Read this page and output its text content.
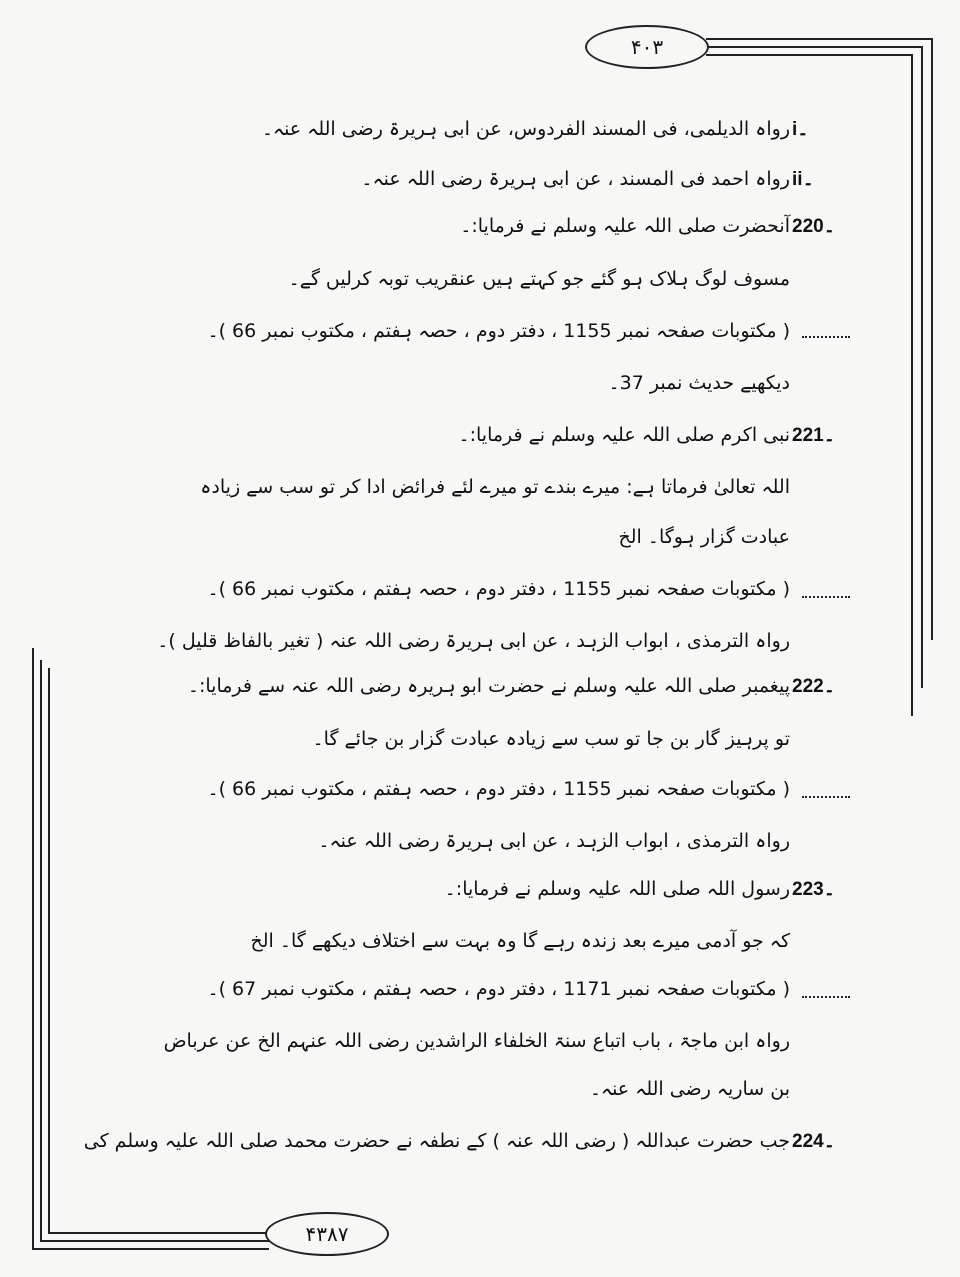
۴۰۳
۴۳۸۷
i۔
رواہ الدیلمی، فی المسند الفردوس، عن ابی ہریرۃ رضی اللہ عنہ۔
ii۔
رواہ احمد فی المسند ، عن ابی ہریرۃ رضی اللہ عنہ۔
220۔
آنحضرت صلی اللہ علیہ وسلم نے فرمایا:۔
مسوف لوگ ہلاک ہو گئے جو کہتے ہیں عنقریب توبہ کرلیں گے۔
( مکتوبات صفحہ نمبر 1155 ، دفتر دوم ، حصہ ہفتم ، مکتوب نمبر 66 )۔
دیکھیے حدیث نمبر 37۔
221۔
نبی اکرم صلی اللہ علیہ وسلم نے فرمایا:۔
اللہ تعالیٰ فرماتا ہے: میرے بندے تو میرے لئے فرائض ادا کر تو سب سے زیادہ
عبادت گزار ہوگا۔ الخ
( مکتوبات صفحہ نمبر 1155 ، دفتر دوم ، حصہ ہفتم ، مکتوب نمبر 66 )۔
رواہ الترمذی ، ابواب الزہد ، عن ابی ہریرۃ رضی اللہ عنہ ( تغیر بالفاظ قلیل )۔
222۔
پیغمبر صلی اللہ علیہ وسلم نے حضرت ابو ہریرہ رضی اللہ عنہ سے فرمایا:۔
تو پرہیز گار بن جا تو سب سے زیادہ عبادت گزار بن جائے گا۔
( مکتوبات صفحہ نمبر 1155 ، دفتر دوم ، حصہ ہفتم ، مکتوب نمبر 66 )۔
رواہ الترمذی ، ابواب الزہد ، عن ابی ہریرۃ رضی اللہ عنہ۔
223۔
رسول اللہ صلی اللہ علیہ وسلم نے فرمایا:۔
کہ جو آدمی میرے بعد زندہ رہے گا وہ بہت سے اختلاف دیکھے گا۔ الخ
( مکتوبات صفحہ نمبر 1171 ، دفتر دوم ، حصہ ہفتم ، مکتوب نمبر 67 )۔
رواہ ابن ماجۃ ، باب اتباع سنۃ الخلفاء الراشدین رضی اللہ عنہم الخ عن عرباض
بن ساریہ رضی اللہ عنہ۔
224۔
جب حضرت عبداللہ ( رضی اللہ عنہ ) کے نطفہ نے حضرت محمد صلی اللہ علیہ وسلم کی
